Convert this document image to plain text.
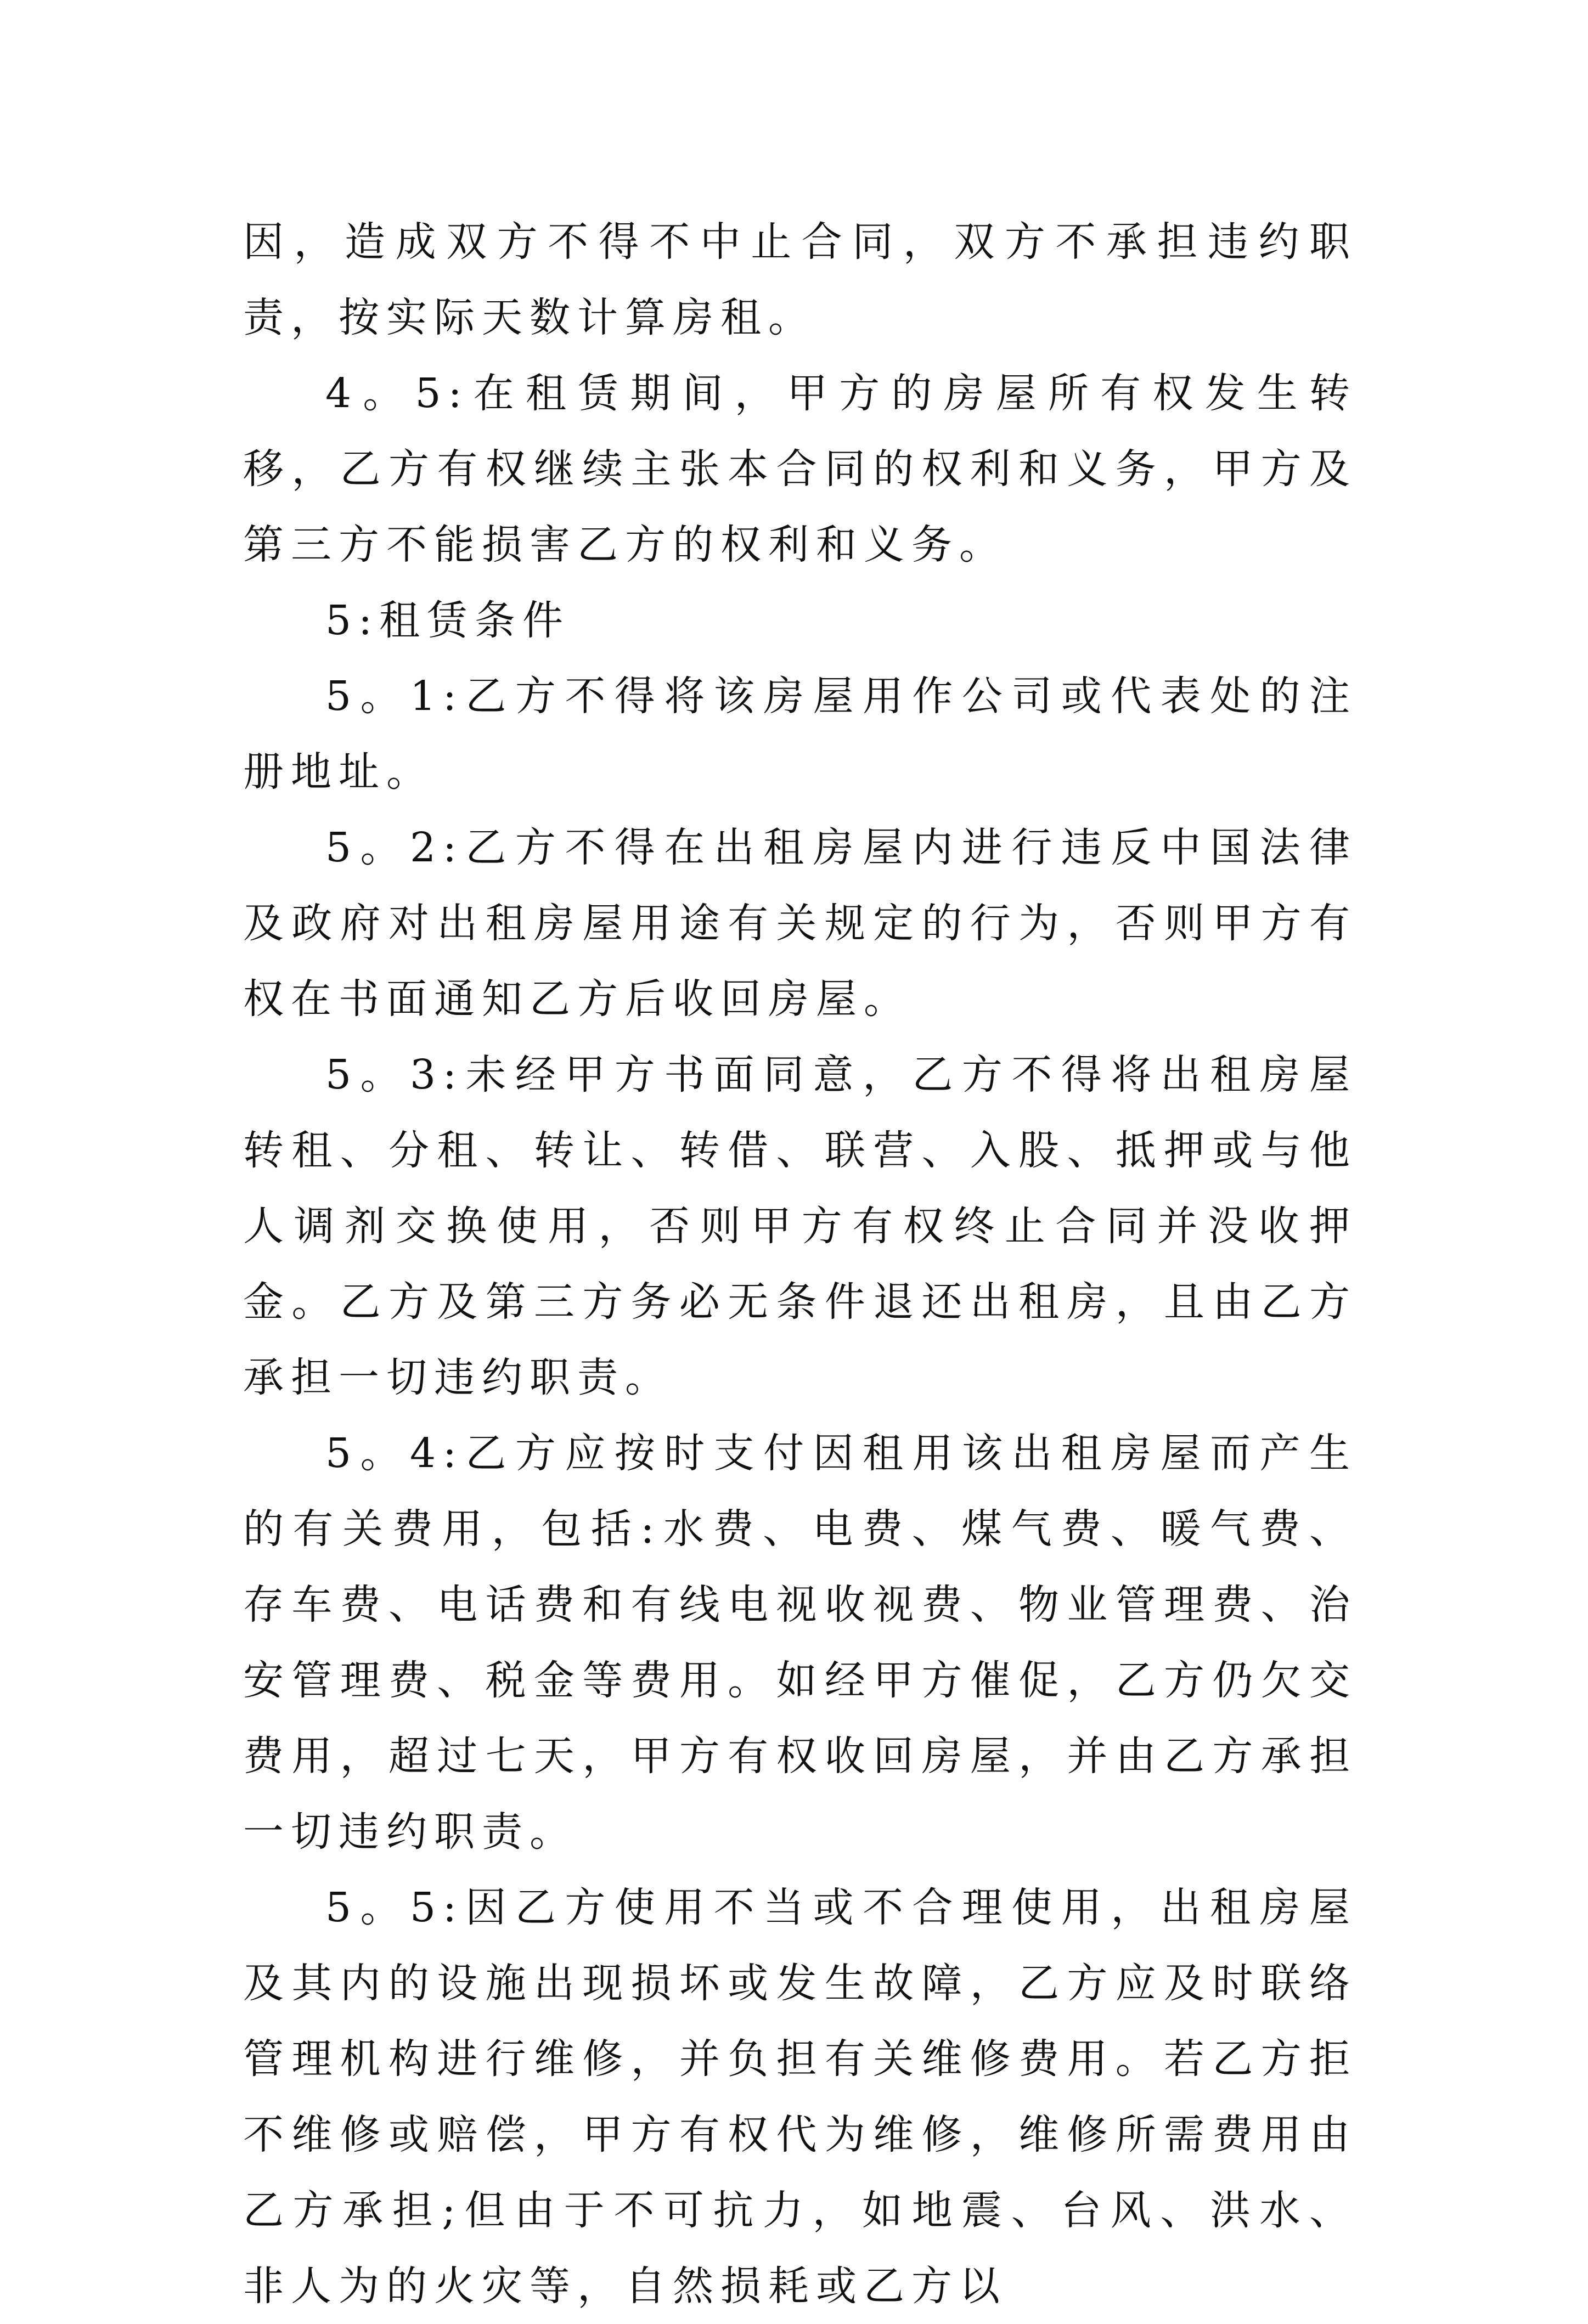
因，造成双方不得不中止合同，双方不承担违约职责，按实际天数计算房租。

4。5:在租赁期间，甲方的房屋所有权发生转移，乙方有权继续主张本合同的权利和义务，甲方及第三方不能损害乙方的权利和义务。

5:租赁条件

5。1:乙方不得将该房屋用作公司或代表处的注册地址。

5。2:乙方不得在出租房屋内进行违反中国法律及政府对出租房屋用途有关规定的行为，否则甲方有权在书面通知乙方后收回房屋。

5。3:未经甲方书面同意，乙方不得将出租房屋转租、分租、转让、转借、联营、入股、抵押或与他人调剂交换使用，否则甲方有权终止合同并没收押金。乙方及第三方务必无条件退还出租房，且由乙方承担一切违约职责。

5。4:乙方应按时支付因租用该出租房屋而产生的有关费用，包括:水费、电费、煤气费、暖气费、存车费、电话费和有线电视收视费、物业管理费、治安管理费、税金等费用。如经甲方催促，乙方仍欠交费用，超过七天，甲方有权收回房屋，并由乙方承担一切违约职责。

5。5:因乙方使用不当或不合理使用，出租房屋及其内的设施出现损坏或发生故障，乙方应及时联络管理机构进行维修，并负担有关维修费用。若乙方拒不维修或赔偿，甲方有权代为维修，维修所需费用由乙方承担;但由于不可抗力，如地震、台风、洪水、非人为的火灾等，自然损耗或乙方以
